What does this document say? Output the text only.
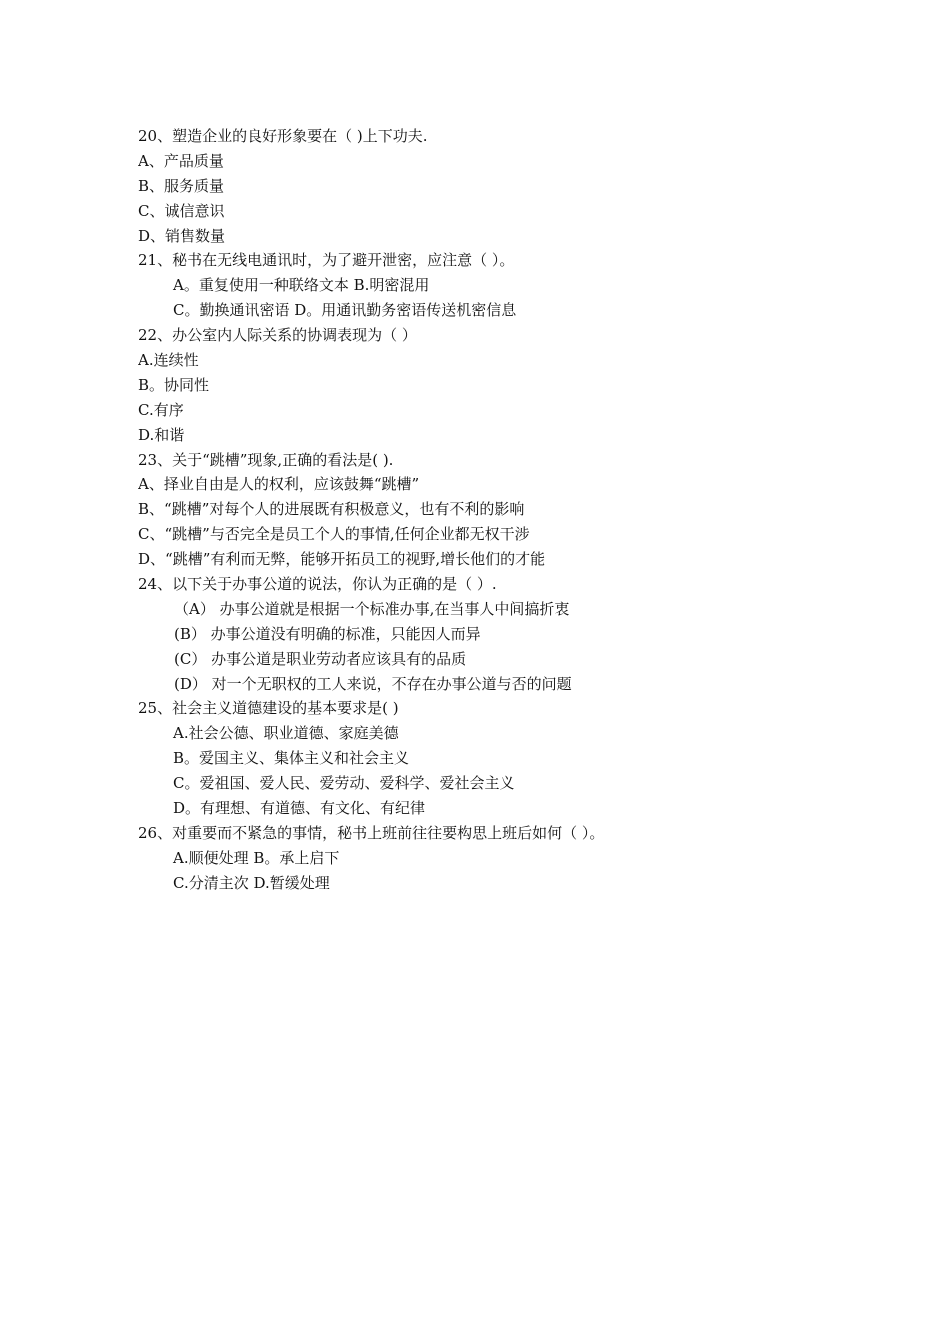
20、塑造企业的良好形象要在（ )上下功夫.
A、产品质量
B、服务质量
C、诚信意识
D、销售数量
21、秘书在无线电通讯时，为了避开泄密，应注意（ ）。
A。重复使用一种联络文本 B.明密混用
C。勤换通讯密语 D。用通讯勤务密语传送机密信息
22、办公室内人际关系的协调表现为（ ）
A.连续性
B。协同性
C.有序
D.和谐
23、关于“跳槽”现象,正确的看法是( ).
A、择业自由是人的权利，应该鼓舞“跳槽”
B、“跳槽”对每个人的进展既有积极意义，也有不利的影响
C、“跳槽”与否完全是员工个人的事情,任何企业都无权干涉
D、“跳槽”有利而无弊，能够开拓员工的视野,增长他们的才能
24、以下关于办事公道的说法，你认为正确的是（ ）.
（A） 办事公道就是根据一个标准办事,在当事人中间搞折衷
(B） 办事公道没有明确的标准，只能因人而异
(C） 办事公道是职业劳动者应该具有的品质
(D） 对一个无职权的工人来说，不存在办事公道与否的问题
25、社会主义道德建设的基本要求是( )
A.社会公德、职业道德、家庭美德
B。爱国主义、集体主义和社会主义
C。爱祖国、爱人民、爱劳动、爱科学、爱社会主义
D。有理想、有道德、有文化、有纪律
26、对重要而不紧急的事情，秘书上班前往往要构思上班后如何（ ）。
A.顺便处理 B。承上启下
C.分清主次 D.暂缓处理
